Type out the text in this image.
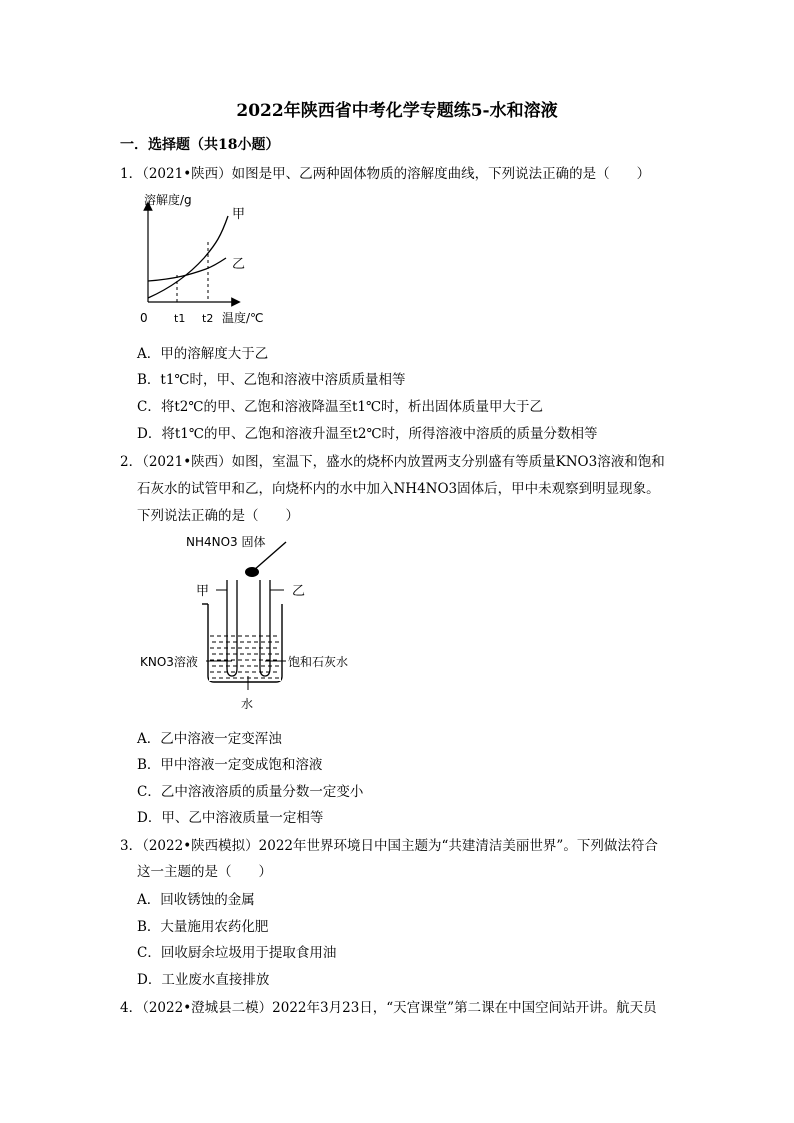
2022年陕西省中考化学专题练5-水和溶液
一．选择题（共18小题）
1．（2021•陕西）如图是甲、乙两种固体物质的溶解度曲线，下列说法正确的是（　　）
溶解度/g
甲
乙
0 t1 t2 温度/℃
A．甲的溶解度大于乙
B．t1℃时，甲、乙饱和溶液中溶质质量相等
C．将t2℃的甲、乙饱和溶液降温至t1℃时，析出固体质量甲大于乙
D．将t1℃的甲、乙饱和溶液升温至t2℃时，所得溶液中溶质的质量分数相等
2．（2021•陕西）如图，室温下，盛水的烧杯内放置两支分别盛有等质量KNO3溶液和饱和
石灰水的试管甲和乙，向烧杯内的水中加入NH4NO3固体后，甲中未观察到明显现象。
下列说法正确的是（　　）
NH4NO3 固体
甲	乙
KNO3溶液	饱和石灰水
水
A．乙中溶液一定变浑浊
B．甲中溶液一定变成饱和溶液
C．乙中溶液溶质的质量分数一定变小
D．甲、乙中溶液质量一定相等
3．（2022•陕西模拟）2022年世界环境日中国主题为“共建清洁美丽世界”。下列做法符合
这一主题的是（　　）
A．回收锈蚀的金属
B．大量施用农药化肥
C．回收厨余垃圾用于提取食用油
D．工业废水直接排放
4．（2022•澄城县二模）2022年3月23日，“天宫课堂”第二课在中国空间站开讲。航天员
